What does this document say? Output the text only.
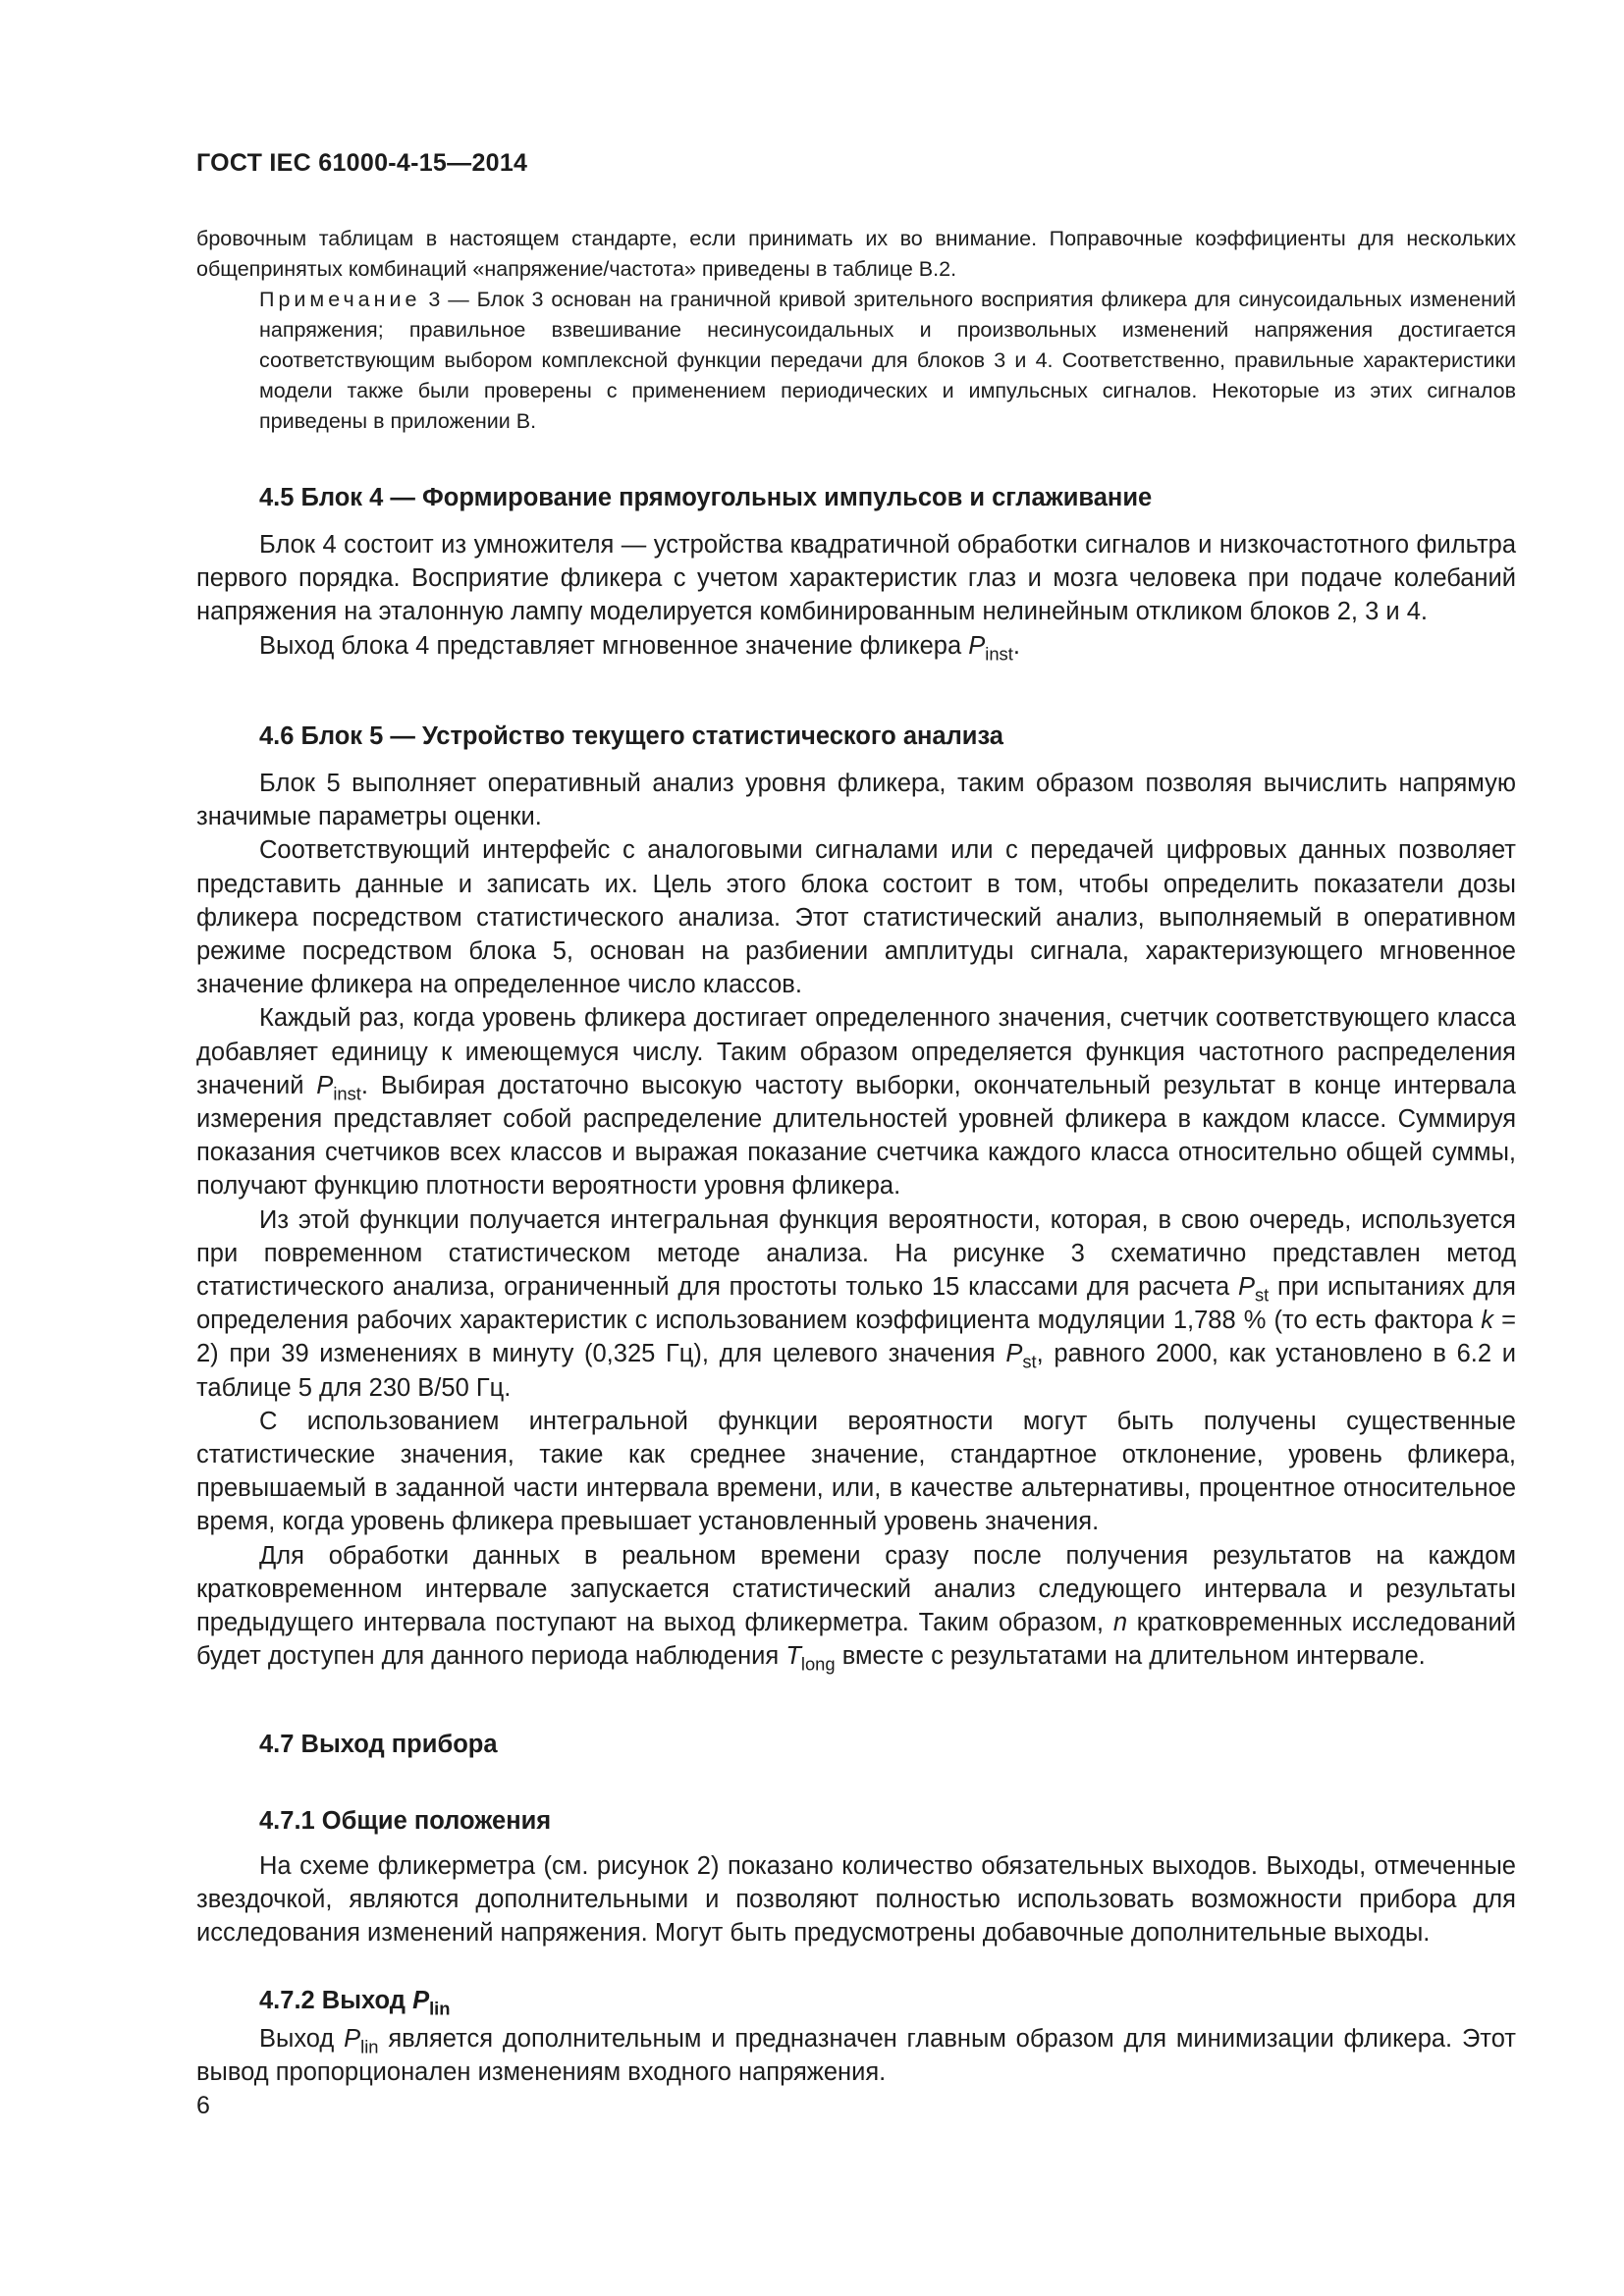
ГОСТ IEC 61000-4-15—2014

бровочным таблицам в настоящем стандарте, если принимать их во внимание. Поправочные коэффициенты для нескольких общепринятых комбинаций «напряжение/частота» приведены в таблице В.2.

Примечание 3 — Блок 3 основан на граничной кривой зрительного восприятия фликера для синусоидальных изменений напряжения; правильное взвешивание несинусоидальных и произвольных изменений напряжения достигается соответствующим выбором комплексной функции передачи для блоков 3 и 4. Соответственно, правильные характеристики модели также были проверены с применением периодических и импульсных сигналов. Некоторые из этих сигналов приведены в приложении В.

4.5 Блок 4 — Формирование прямоугольных импульсов и сглаживание

Блок 4 состоит из умножителя — устройства квадратичной обработки сигналов и низкочастотного фильтра первого порядка. Восприятие фликера с учетом характеристик глаз и мозга человека при подаче колебаний напряжения на эталонную лампу моделируется комбинированным нелинейным откликом блоков 2, 3 и 4.

Выход блока 4 представляет мгновенное значение фликера $P_{inst}$.

4.6 Блок 5 — Устройство текущего статистического анализа

Блок 5 выполняет оперативный анализ уровня фликера, таким образом позволяя вычислить напрямую значимые параметры оценки.

Соответствующий интерфейс с аналоговыми сигналами или с передачей цифровых данных позволяет представить данные и записать их. Цель этого блока состоит в том, чтобы определить показатели дозы фликера посредством статистического анализа. Этот статистический анализ, выполняемый в оперативном режиме посредством блока 5, основан на разбиении амплитуды сигнала, характеризующего мгновенное значение фликера на определенное число классов.

Каждый раз, когда уровень фликера достигает определенного значения, счетчик соответствующего класса добавляет единицу к имеющемуся числу. Таким образом определяется функция частотного распределения значений $P_{inst}$. Выбирая достаточно высокую частоту выборки, окончательный результат в конце интервала измерения представляет собой распределение длительностей уровней фликера в каждом классе. Суммируя показания счетчиков всех классов и выражая показание счетчика каждого класса относительно общей суммы, получают функцию плотности вероятности уровня фликера.

Из этой функции получается интегральная функция вероятности, которая, в свою очередь, используется при повременном статистическом методе анализа. На рисунке 3 схематично представлен метод статистического анализа, ограниченный для простоты только 15 классами для расчета $P_{st}$ при испытаниях для определения рабочих характеристик с использованием коэффициента модуляции 1,788 % (то есть фактора k = 2) при 39 изменениях в минуту (0,325 Гц), для целевого значения $P_{st}$, равного 2000, как установлено в 6.2 и таблице 5 для 230 В/50 Гц.

С использованием интегральной функции вероятности могут быть получены существенные статистические значения, такие как среднее значение, стандартное отклонение, уровень фликера, превышаемый в заданной части интервала времени, или, в качестве альтернативы, процентное относительное время, когда уровень фликера превышает установленный уровень значения.

Для обработки данных в реальном времени сразу после получения результатов на каждом кратковременном интервале запускается статистический анализ следующего интервала и результаты предыдущего интервала поступают на выход фликерметра. Таким образом, n кратковременных исследований будет доступен для данного периода наблюдения $T_{long}$ вместе с результатами на длительном интервале.

4.7 Выход прибора
4.7.1 Общие положения

На схеме фликерметра (см. рисунок 2) показано количество обязательных выходов. Выходы, отмеченные звездочкой, являются дополнительными и позволяют полностью использовать возможности прибора для исследования изменений напряжения. Могут быть предусмотрены добавочные дополнительные выходы.

4.7.2 Выход $P_{lin}$

Выход $P_{lin}$ является дополнительным и предназначен главным образом для минимизации фликера. Этот вывод пропорционален изменениям входного напряжения.

6
